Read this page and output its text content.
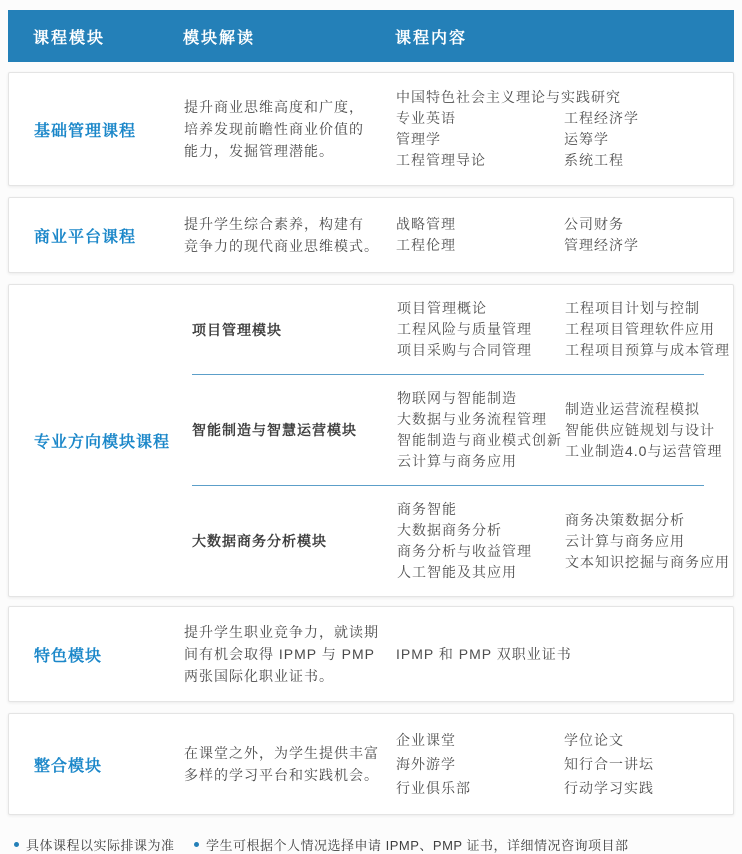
课程模块	模块解读	课程内容
基础管理课程
提升商业思维高度和广度，
培养发现前瞻性商业价值的
能力，发掘管理潜能。
中国特色社会主义理论与实践研究
专业英语
管理学
工程管理导论
工程经济学
运筹学
系统工程
商业平台课程
提升学生综合素养，构建有
竞争力的现代商业思维模式。
战略管理
工程伦理
公司财务
管理经济学
专业方向模块课程
项目管理模块
项目管理概论
工程风险与质量管理
项目采购与合同管理
工程项目计划与控制
工程项目管理软件应用
工程项目预算与成本管理
智能制造与智慧运营模块
物联网与智能制造
大数据与业务流程管理
智能制造与商业模式创新
云计算与商务应用
制造业运营流程模拟
智能供应链规划与设计
工业制造4.0与运营管理
大数据商务分析模块
商务智能
大数据商务分析
商务分析与收益管理
人工智能及其应用
商务决策数据分析
云计算与商务应用
文本知识挖掘与商务应用
特色模块
提升学生职业竞争力，就读期
间有机会取得 IPMP 与 PMP
两张国际化职业证书。
IPMP 和 PMP 双职业证书
整合模块
在课堂之外，为学生提供丰富
多样的学习平台和实践机会。
企业课堂
海外游学
行业俱乐部
学位论文
知行合一讲坛
行动学习实践
具体课程以实际排课为准 学生可根据个人情况选择申请 IPMP、PMP 证书，详细情况咨询项目部
